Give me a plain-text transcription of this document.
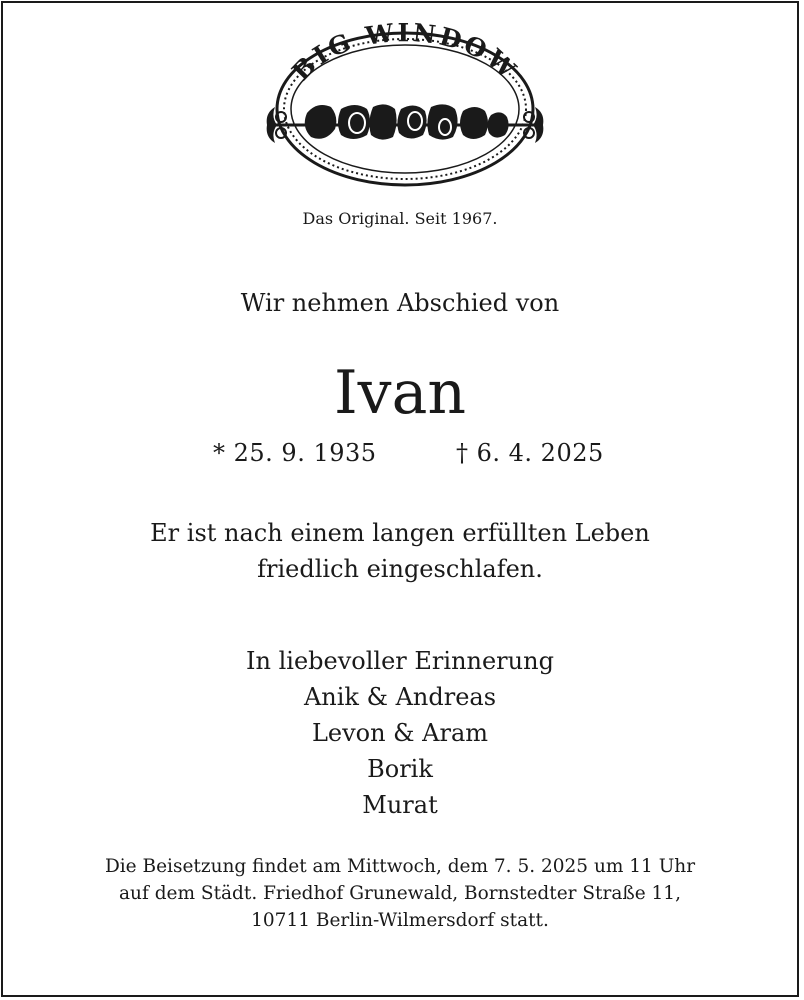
BIG WINDOW
Das Original. Seit 1967.
Wir nehmen Abschied von
Ivan
* 25. 9. 1935	† 6. 4. 2025
Er ist nach einem langen erfüllten Leben
friedlich eingeschlafen.
In liebevoller Erinnerung
Anik & Andreas
Levon & Aram
Borik
Murat
Die Beisetzung findet am Mittwoch, dem 7. 5. 2025 um 11 Uhr
auf dem Städt. Friedhof Grunewald, Bornstedter Straße 11,
10711 Berlin-Wilmersdorf statt.
